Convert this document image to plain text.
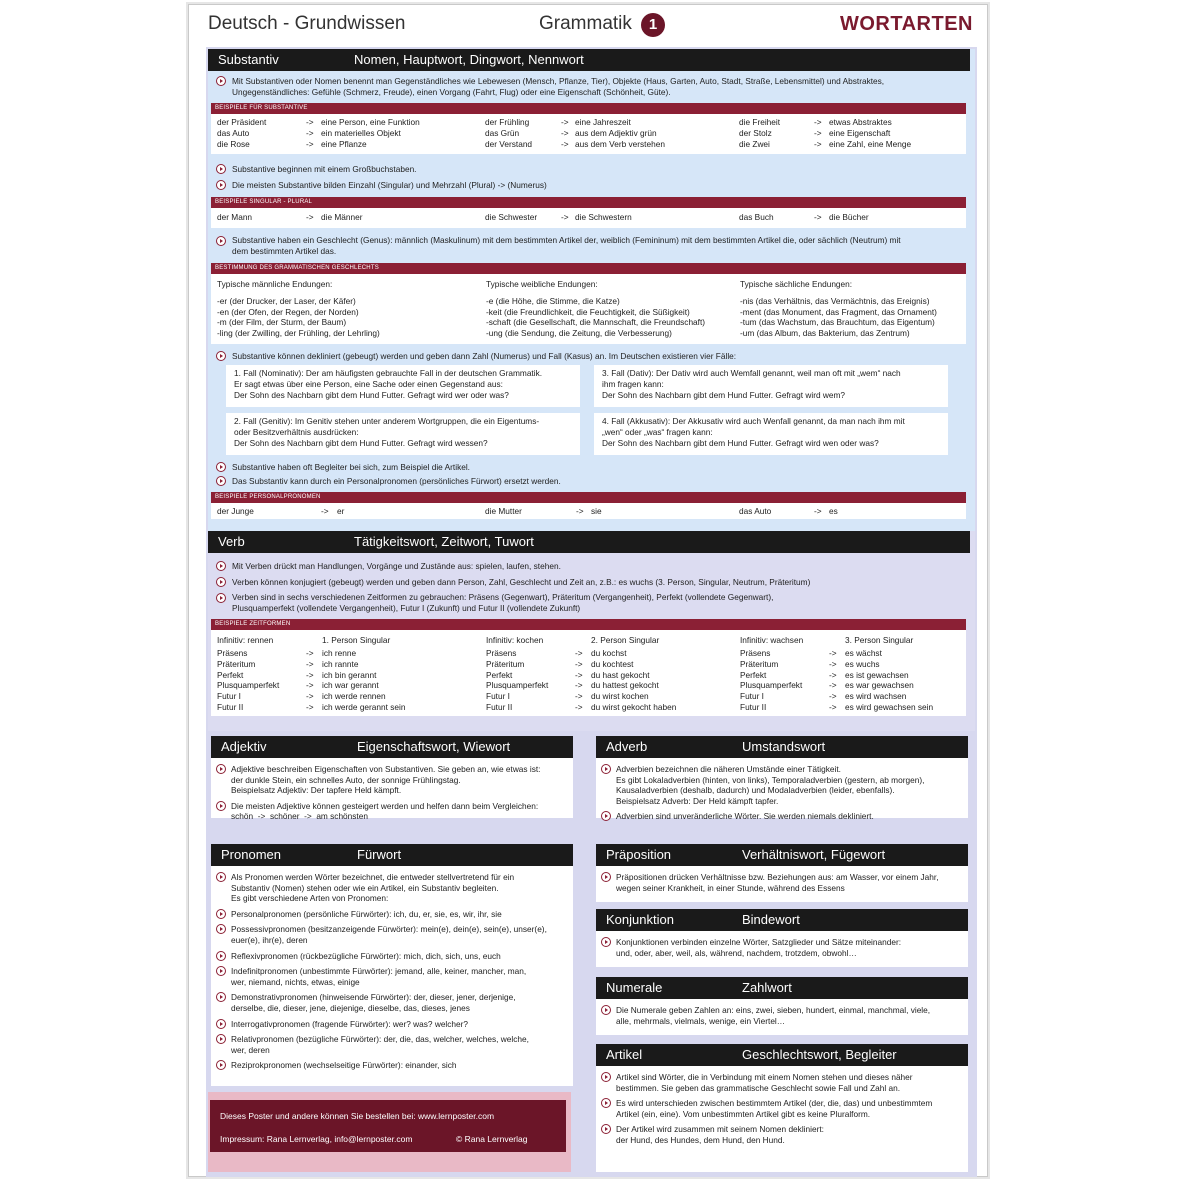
Deutsch - Grundwissen	Grammatik	1	WORTARTEN
Substantiv	Nomen, Hauptwort, Dingwort, Nennwort
Mit Substantiven oder Nomen benennt man Gegenständliches wie Lebewesen (Mensch, Pflanze, Tier), Objekte (Haus, Garten, Auto, Stadt, Straße, Lebensmittel) und Abstraktes,
Ungegenständliches: Gefühle (Schmerz, Freude), einen Vorgang (Fahrt, Flug) oder eine Eigenschaft (Schönheit, Güte).
BEISPIELE FÜR SUBSTANTIVE
der Präsident	-> eine Person, eine Funktion	der Frühling	-> eine Jahreszeit	die Freiheit	-> etwas Abstraktes
das Auto	-> ein materielles Objekt	das Grün	-> aus dem Adjektiv grün	der Stolz	-> eine Eigenschaft
die Rose	-> eine Pflanze	der Verstand	-> aus dem Verb verstehen	die Zwei	-> eine Zahl, eine Menge
Substantive beginnen mit einem Großbuchstaben.
Die meisten Substantive bilden Einzahl (Singular) und Mehrzahl (Plural) -> (Numerus)
BEISPIELE SINGULAR - PLURAL
der Mann	-> die Männer	die Schwester	-> die Schwestern	das Buch	-> die Bücher
Substantive haben ein Geschlecht (Genus): männlich (Maskulinum) mit dem bestimmten Artikel der, weiblich (Femininum) mit dem bestimmten Artikel die, oder sächlich (Neutrum) mit
dem bestimmten Artikel das.
BESTIMMUNG DES GRAMMATISCHEN GESCHLECHTS
Typische männliche Endungen:
-er (der Drucker, der Laser, der Käfer)
-en (der Ofen, der Regen, der Norden)
-m (der Film, der Sturm, der Baum)
-ling (der Zwilling, der Frühling, der Lehrling)
Typische weibliche Endungen:
-e (die Höhe, die Stimme, die Katze)
-keit (die Freundlichkeit, die Feuchtigkeit, die Süßigkeit)
-schaft (die Gesellschaft, die Mannschaft, die Freundschaft)
-ung (die Sendung, die Zeitung, die Verbesserung)
Typische sächliche Endungen:
-nis (das Verhältnis, das Vermächtnis, das Ereignis)
-ment (das Monument, das Fragment, das Ornament)
-tum (das Wachstum, das Brauchtum, das Eigentum)
-um (das Album, das Bakterium, das Zentrum)
Substantive können dekliniert (gebeugt) werden und geben dann Zahl (Numerus) und Fall (Kasus) an. Im Deutschen existieren vier Fälle:
1. Fall (Nominativ): Der am häufigsten gebrauchte Fall in der deutschen Grammatik.
Er sagt etwas über eine Person, eine Sache oder einen Gegenstand aus:
Der Sohn des Nachbarn gibt dem Hund Futter. Gefragt wird wer oder was?
3. Fall (Dativ): Der Dativ wird auch Wemfall genannt, weil man oft mit „wem“ nach
ihm fragen kann:
Der Sohn des Nachbarn gibt dem Hund Futter. Gefragt wird wem?
2. Fall (Genitiv): Im Genitiv stehen unter anderem Wortgruppen, die ein Eigentums-
oder Besitzverhältnis ausdrücken:
Der Sohn des Nachbarn gibt dem Hund Futter. Gefragt wird wessen?
4. Fall (Akkusativ): Der Akkusativ wird auch Wenfall genannt, da man nach ihm mit
„wen“ oder „was“ fragen kann:
Der Sohn des Nachbarn gibt dem Hund Futter. Gefragt wird wen oder was?
Substantive haben oft Begleiter bei sich, zum Beispiel die Artikel.
Das Substantiv kann durch ein Personalpronomen (persönliches Fürwort) ersetzt werden.
BEISPIELE PERSONALPRONOMEN
der Junge	-> er	die Mutter	-> sie	das Auto	-> es
Verb	Tätigkeitswort, Zeitwort, Tuwort
Mit Verben drückt man Handlungen, Vorgänge und Zustände aus: spielen, laufen, stehen.
Verben können konjugiert (gebeugt) werden und geben dann Person, Zahl, Geschlecht und Zeit an, z.B.: es wuchs (3. Person, Singular, Neutrum, Präteritum)
Verben sind in sechs verschiedenen Zeitformen zu gebrauchen: Präsens (Gegenwart), Präteritum (Vergangenheit), Perfekt (vollendete Gegenwart),
Plusquamperfekt (vollendete Vergangenheit), Futur I (Zukunft) und Futur II (vollendete Zukunft)
BEISPIELE ZEITFORMEN
Infinitiv: rennen	1. Person Singular
Präsens	-> ich renne
Präteritum	-> ich rannte
Perfekt	-> ich bin gerannt
Plusquamperfekt	-> ich war gerannt
Futur I	-> ich werde rennen
Futur II	-> ich werde gerannt sein
Infinitiv: kochen	2. Person Singular
Präsens	-> du kochst
Präteritum	-> du kochtest
Perfekt	-> du hast gekocht
Plusquamperfekt	-> du hattest gekocht
Futur I	-> du wirst kochen
Futur II	-> du wirst gekocht haben
Infinitiv: wachsen	3. Person Singular
Präsens	-> es wächst
Präteritum	-> es wuchs
Perfekt	-> es ist gewachsen
Plusquamperfekt	-> es war gewachsen
Futur I	-> es wird wachsen
Futur II	-> es wird gewachsen sein
Adjektiv	Eigenschaftswort, Wiewort
Adjektive beschreiben Eigenschaften von Substantiven. Sie geben an, wie etwas ist:
der dunkle Stein, ein schnelles Auto, der sonnige Frühlingstag.
Beispielsatz Adjektiv: Der tapfere Held kämpft.
Die meisten Adjektive können gesteigert werden und helfen dann beim Vergleichen:
schön  ->  schöner  ->  am schönsten
Adverb	Umstandswort
Adverbien bezeichnen die näheren Umstände einer Tätigkeit.
Es gibt Lokaladverbien (hinten, von links), Temporaladverbien (gestern, ab morgen),
Kausaladverbien (deshalb, dadurch) und Modaladverbien (leider, ebenfalls).
Beispielsatz Adverb: Der Held kämpft tapfer.
Adverbien sind unveränderliche Wörter. Sie werden niemals dekliniert.
Pronomen	Fürwort
Als Pronomen werden Wörter bezeichnet, die entweder stellvertretend für ein
Substantiv (Nomen) stehen oder wie ein Artikel, ein Substantiv begleiten.
Es gibt verschiedene Arten von Pronomen:
Personalpronomen (persönliche Fürwörter): ich, du, er, sie, es, wir, ihr, sie
Possessivpronomen (besitzanzeigende Fürwörter): mein(e), dein(e), sein(e), unser(e),
euer(e), ihr(e), deren
Reflexivpronomen (rückbezügliche Fürwörter): mich, dich, sich, uns, euch
Indefinitpronomen (unbestimmte Fürwörter): jemand, alle, keiner, mancher, man,
wer, niemand, nichts, etwas, einige
Demonstrativpronomen (hinweisende Fürwörter): der, dieser, jener, derjenige,
derselbe, die, dieser, jene, diejenige, dieselbe, das, dieses, jenes
Interrogativpronomen (fragende Fürwörter): wer? was? welcher?
Relativpronomen (bezügliche Fürwörter): der, die, das, welcher, welches, welche,
wer, deren
Reziprokpronomen (wechselseitige Fürwörter): einander, sich
Präposition	Verhältniswort, Fügewort
Präpositionen drücken Verhältnisse bzw. Beziehungen aus: am Wasser, vor einem Jahr,
wegen seiner Krankheit, in einer Stunde, während des Essens
Konjunktion	Bindewort
Konjunktionen verbinden einzelne Wörter, Satzglieder und Sätze miteinander:
und, oder, aber, weil, als, während, nachdem, trotzdem, obwohl…
Numerale	Zahlwort
Die Numerale geben Zahlen an: eins, zwei, sieben, hundert, einmal, manchmal, viele,
alle, mehrmals, vielmals, wenige, ein Viertel…
Artikel	Geschlechtswort, Begleiter
Artikel sind Wörter, die in Verbindung mit einem Nomen stehen und dieses näher
bestimmen. Sie geben das grammatische Geschlecht sowie Fall und Zahl an.
Es wird unterschieden zwischen bestimmtem Artikel (der, die, das) und unbestimmtem
Artikel (ein, eine). Vom unbestimmten Artikel gibt es keine Pluralform.
Der Artikel wird zusammen mit seinem Nomen dekliniert:
der Hund, des Hundes, dem Hund, den Hund.
Dieses Poster und andere können Sie bestellen bei: www.lernposter.com
Impressum: Rana Lernverlag, info@lernposter.com	© Rana Lernverlag
